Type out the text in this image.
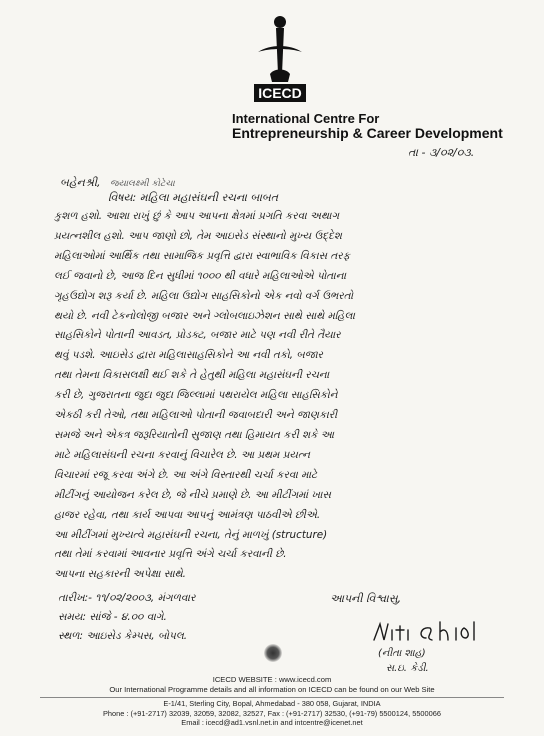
ICECD
International Centre For
Entrepreneurship & Career Development
તા - ૩/૦૨/૦૩.
બહેનશ્રી, જયાલક્ષ્મી કોટેચા
વિષય: મહિલા મહાસંઘની રચના બાબત
કુશળ હશો. આશા રાખું છું કે આપ આપના ક્ષેત્રમાં પ્રગતિ કરવા અથાગ
પ્રયત્નશીલ હશો. આપ જાણો છો, તેમ આઇસેડ સંસ્થાનો મુખ્ય ઉદ્દેશ
મહિલાઓમાં આર્થિક તથા સામાજિક પ્રવૃત્તિ દ્વારા સ્વાભાવિક વિકાસ તરફ
લઈ જવાનો છે, આજ દિન સુધીમાં ૧૦૦૦ થી વધારે મહિલાઓએ પોતાના
ગૃહઉદ્યોગ શરૂ કર્યા છે. મહિલા ઉદ્યોગ સાહસિકોનો એક નવો વર્ગ ઉભરતો
થયો છે. નવી ટેકનોલોજી બજાર અને ગ્લોબલાઇઝેશન સાથે સાથે મહિલા
સાહસિકોને પોતાની આવડત, પ્રોડક્ટ, બજાર માટે પણ નવી રીતે તૈયાર
થવું પડશે. આઇસેડ દ્વારા મહિલાસાહસિકોને આ નવી તકો, બજાર
તથા તેમના વિકાસલક્ષી થઈ શકે તે હેતુથી મહિલા મહાસંઘની રચના
કરી છે, ગુજરાતના જુદા જુદા જિલ્લામાં પથરાયેલ મહિલા સાહસિકોને
એકઠી કરી તેઓ, તથા મહિલાઓ પોતાની જવાબદારી અને જાણકારી
સમજે અને એકત્ર જરૂરિયાતોની સુજાણ તથા હિમાયત કરી શકે આ
માટે મહિલાસંઘની રચના કરવાનું વિચારેલ છે. આ પ્રથમ પ્રયત્ન
વિચારમાં રજૂ કરવા અંગે છે. આ અંગે વિસ્તારથી ચર્ચા કરવા માટે
મીટીંગનું આયોજન કરેલ છે, જે નીચે પ્રમાણે છે. આ મીટીંગમાં ખાસ
હાજર રહેવા, તથા કાર્ય આપવા આપનું આમંત્રણ પાઠવીએ છીએ.
આ મીટીંગમાં મુખ્યત્વે મહાસંઘની રચના, તેનું માળખું (structure)
તથા તેમાં કરવામાં આવનાર પ્રવૃત્તિ અંગે ચર્ચા કરવાની છે.
આપના સહકારની અપેક્ષા સાથે.
તારીખ:- ૧૧/૦૨/૨૦૦૩, મંગળવાર
સમય: સાંજે - ૪.૦૦ વાગે.
સ્થળ: આઇસેડ કેમ્પસ, બોપલ.
આપની વિશ્વાસુ,
(નીતા શાહ)
સ.ઇ. કેડી.
ICECD WEBSITE : www.icecd.com
Our International Programme details and all information on ICECD can be found on our Web Site
E-1/41, Sterling City, Bopal, Ahmedabad - 380 058, Gujarat, INDIA
Phone : (+91-2717) 32039, 32059, 32082, 32527, Fax : (+91-2717) 32530, (+91-79) 5500124, 5500066
Email : icecd@ad1.vsnl.net.in and intcentre@icenet.net
